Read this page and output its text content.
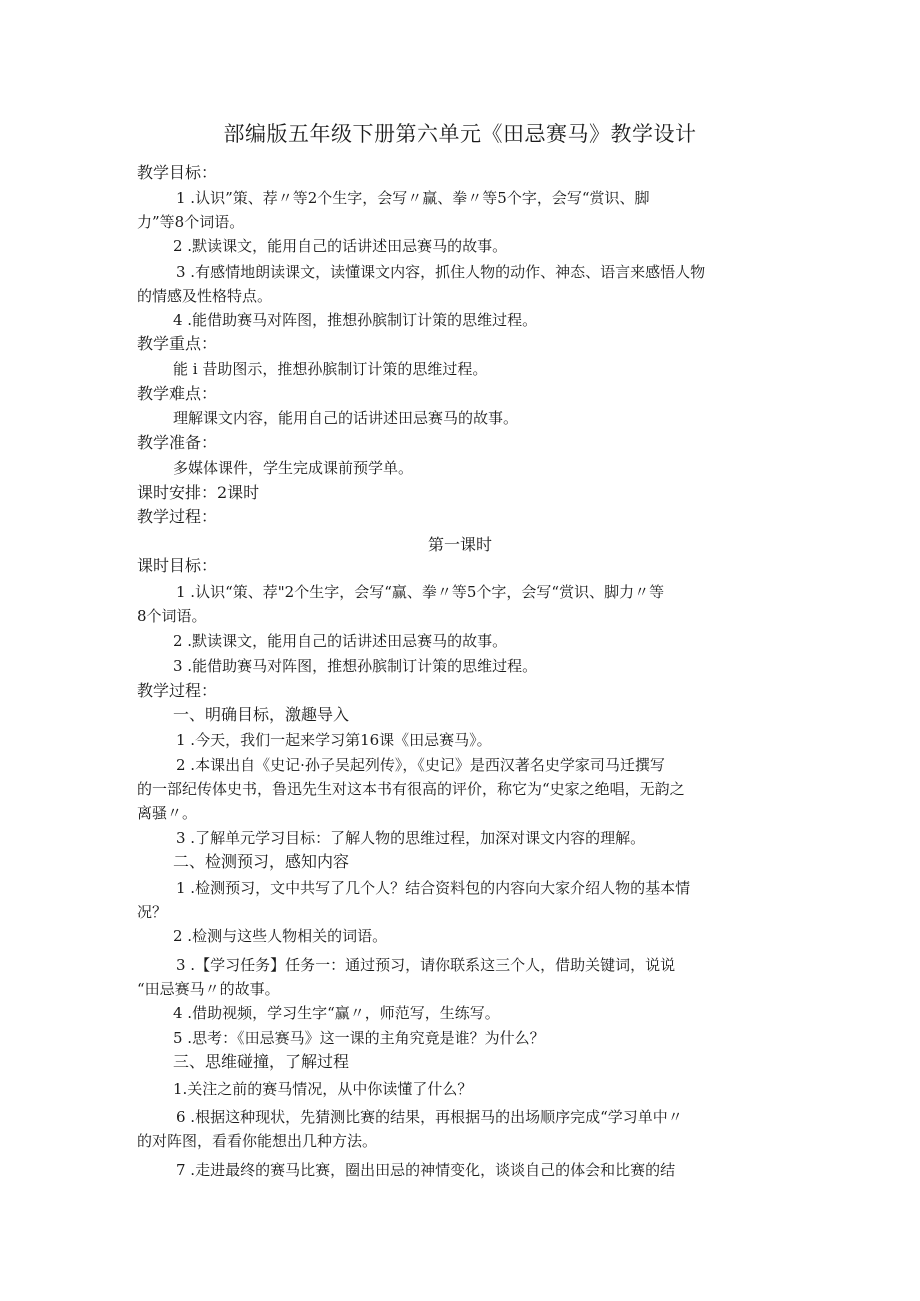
部编版五年级下册第六单元《田忌赛马》教学设计
教学目标：
1 .认识”策、荐〃等2个生字，会写〃赢、拳〃等5个字，会写“赏识、脚
力”等8个词语。
2 .默读课文，能用自己的话讲述田忌赛马的故事。
3 .有感情地朗读课文，读懂课文内容，抓住人物的动作、神态、语言来感悟人物
的情感及性格特点。
4 .能借助赛马对阵图，推想孙膑制订计策的思维过程。
教学重点：
能 i 昔助图示，推想孙膑制订计策的思维过程。
教学难点：
理解课文内容，能用自己的话讲述田忌赛马的故事。
教学准备：
多媒体课件，学生完成课前预学单。
课时安排：2课时
教学过程：
第一课时
课时目标：
1 .认识“策、荐"2个生字，会写“赢、拳〃等5个字，会写“赏识、脚力〃等
8个词语。
2 .默读课文，能用自己的话讲述田忌赛马的故事。
3 .能借助赛马对阵图，推想孙膑制订计策的思维过程。
教学过程：
一、明确目标，激趣导入
1 .今天，我们一起来学习第16课《田忌赛马》。
2 .本课出自《史记·孙子吴起列传》，《史记》是西汉著名史学家司马迁撰写
的一部纪传体史书，鲁迅先生对这本书有很高的评价，称它为“史家之绝唱，无韵之
离骚〃。
3 .了解单元学习目标：了解人物的思维过程，加深对课文内容的理解。
二、检测预习，感知内容
1 .检测预习，文中共写了几个人？结合资料包的内容向大家介绍人物的基本情
况？
2 .检测与这些人物相关的词语。
3 .【学习任务】任务一：通过预习，请你联系这三个人，借助关键词，说说
“田忌赛马〃的故事。
4 .借助视频，学习生字“赢〃，师范写，生练写。
5 .思考：《田忌赛马》这一课的主角究竟是谁？为什么？
三、思维碰撞，了解过程
1.关注之前的赛马情况，从中你读懂了什么？
6 .根据这种现状，先猜测比赛的结果，再根据马的出场顺序完成“学习单中〃
的对阵图，看看你能想出几种方法。
7 .走进最终的赛马比赛，圈出田忌的神情变化，谈谈自己的体会和比赛的结
